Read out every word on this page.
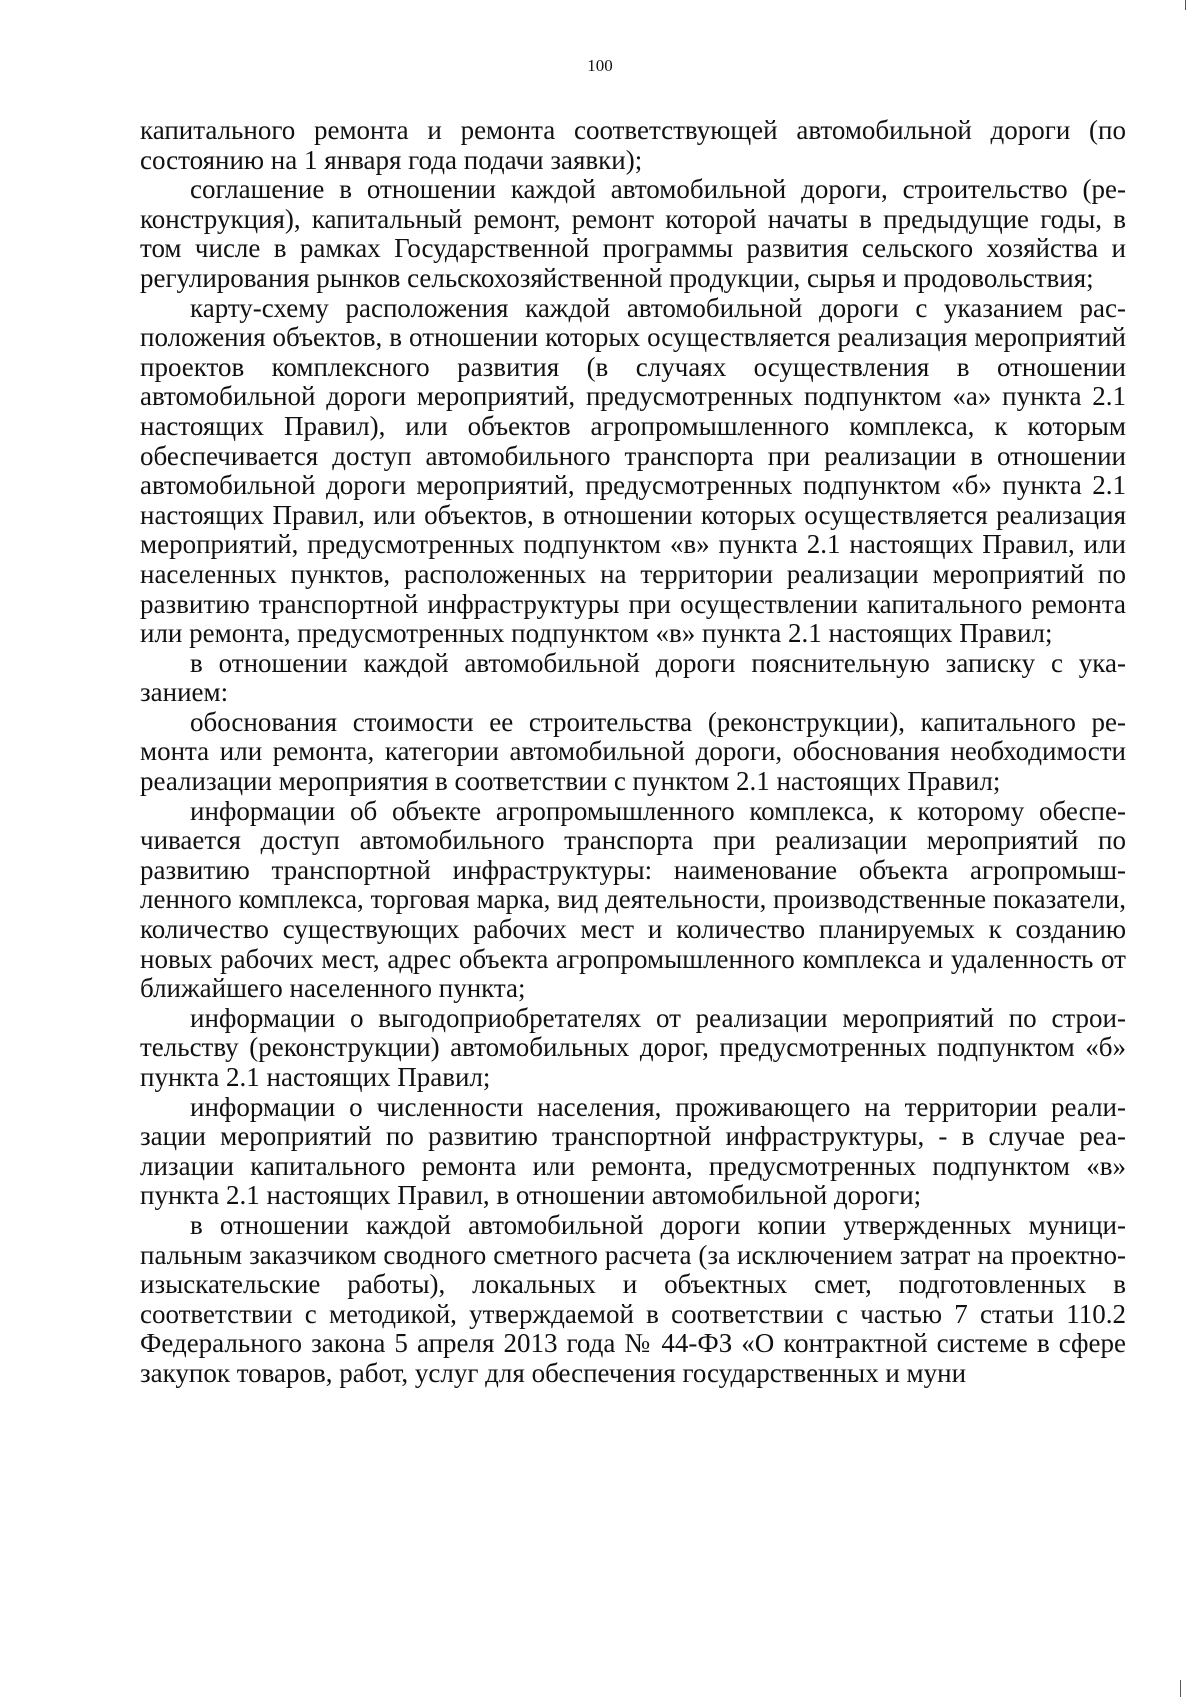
100

капитального ремонта и ремонта соответствующей автомобильной дороги (по состоянию на 1 января года подачи заявки);

соглашение в отношении каждой автомобильной дороги, строительство (реконструкция), капитальный ремонт, ремонт которой начаты в предыдущие годы, в том числе в рамках Государственной программы развития сельского хозяйства и регулирования рынков сельскохозяйственной продукции, сырья и продовольствия;

карту-схему расположения каждой автомобильной дороги с указанием расположения объектов, в отношении которых осуществляется реализация мероприятий проектов комплексного развития (в случаях осуществления в отношении автомобильной дороги мероприятий, предусмотренных подпунктом «а» пункта 2.1 настоящих Правил), или объектов агропромышленного комплекса, к которым обеспечивается доступ автомобильного транспорта при реализации в отношении автомобильной дороги мероприятий, предусмотренных подпунктом «б» пункта 2.1 настоящих Правил, или объектов, в отношении которых осуществляется реализация мероприятий, предусмотренных подпунктом «в» пункта 2.1 настоящих Правил, или населенных пунктов, расположенных на территории реализации мероприятий по развитию транспортной инфраструктуры при осуществлении капитального ремонта или ремонта, предусмотренных подпунктом «в» пункта 2.1 настоящих Правил;

в отношении каждой автомобильной дороги пояснительную записку с указанием:

обоснования стоимости ее строительства (реконструкции), капитального ремонта или ремонта, категории автомобильной дороги, обоснования необходимости реализации мероприятия в соответствии с пунктом 2.1 настоящих Правил;

информации об объекте агропромышленного комплекса, к которому обеспечивается доступ автомобильного транспорта при реализации мероприятий по развитию транспортной инфраструктуры: наименование объекта агропромышленного комплекса, торговая марка, вид деятельности, производственные показатели, количество существующих рабочих мест и количество планируемых к созданию новых рабочих мест, адрес объекта агропромышленного комплекса и удаленность от ближайшего населенного пункта;

информации о выгодоприобретателях от реализации мероприятий по строительству (реконструкции) автомобильных дорог, предусмотренных подпунктом «б» пункта 2.1 настоящих Правил;

информации о численности населения, проживающего на территории реализации мероприятий по развитию транспортной инфраструктуры, - в случае реализации капитального ремонта или ремонта, предусмотренных подпунктом «в» пункта 2.1 настоящих Правил, в отношении автомобильной дороги;

в отношении каждой автомобильной дороги копии утвержденных муниципальным заказчиком сводного сметного расчета (за исключением затрат на проектно-изыскательские работы), локальных и объектных смет, подготовленных в соответствии с методикой, утверждаемой в соответствии с частью 7 статьи 110.2 Федерального закона 5 апреля 2013 года № 44-ФЗ «О контрактной системе в сфере закупок товаров, работ, услуг для обеспечения государственных и муни
